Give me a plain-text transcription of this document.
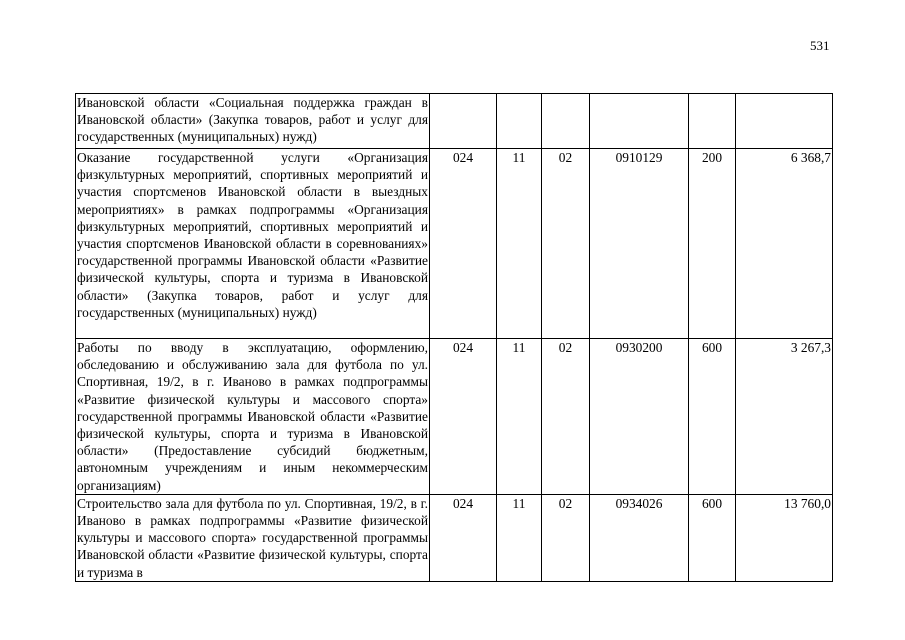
531
Ивановской области «Социальная поддержка граждан в Ивановской области» (Закупка товаров, работ и услуг для государственных (муниципальных) нужд)						
Оказание государственной услуги «Организация физкультурных мероприятий, спортивных мероприятий и участия спортсменов Ивановской области в выездных мероприятиях» в рамках подпрограммы «Организация физкультурных мероприятий, спортивных мероприятий и участия спортсменов Ивановской области в соревнованиях» государственной программы Ивановской области «Развитие физической культуры, спорта и туризма в Ивановской области» (Закупка товаров, работ и услуг для государственных (муниципальных) нужд)	024	11	02	0910129	200	6 368,7
Работы по вводу в эксплуатацию, оформлению, обследованию и обслуживанию зала для футбола по ул. Спортивная, 19/2, в г. Иваново в рамках подпрограммы «Развитие физической культуры и массового спорта» государственной программы Ивановской области «Развитие физической культуры, спорта и туризма в Ивановской области» (Предоставление субсидий бюджетным, автономным учреждениям и иным некоммерческим организациям)	024	11	02	0930200	600	3 267,3
Строительство зала для футбола по ул. Спортивная, 19/2, в г. Иваново в рамках подпрограммы «Развитие физической культуры и массового спорта» государственной программы Ивановской области «Развитие физической культуры, спорта и туризма в	024	11	02	0934026	600	13 760,0
